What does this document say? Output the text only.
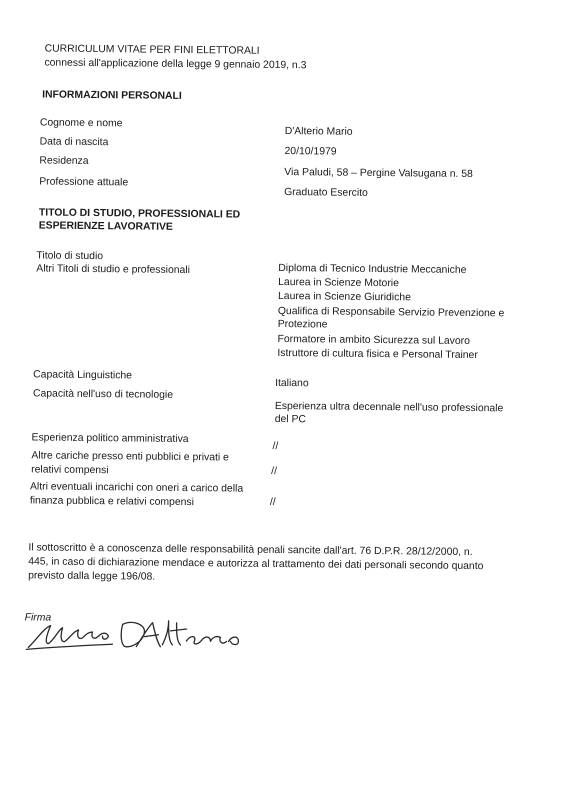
CURRICULUM VITAE PER FINI ELETTORALI
connessi all'applicazione della legge 9 gennaio 2019, n.3
INFORMAZIONI PERSONALI
Cognome e nome
Data di nascita
Residenza
Professione attuale
D'Alterio Mario
20/10/1979
Via Paludi, 58 – Pergine Valsugana n. 58
Graduato Esercito
TITOLO DI STUDIO, PROFESSIONALI ED
ESPERIENZE LAVORATIVE
Titolo di studio
Altri Titoli di studio e professionali	Diploma di Tecnico Industrie Meccaniche
Laurea in Scienze Motorie
Laurea in Scienze Giuridiche
Qualifica di Responsabile Servizio Prevenzione e
Protezione
Formatore in ambito Sicurezza sul Lavoro
Istruttore di cultura fisica e Personal Trainer
Capacità Linguistiche
Capacità nell'uso di tecnologie
Italiano
Esperienza ultra decennale nell'uso professionale
del PC
Esperienza politico amministrativa
Altre cariche presso enti pubblici e privati e
relativi compensi
Altri eventuali incarichi con oneri a carico della
finanza pubblica e relativi compensi
//
//
//
Il sottoscritto è a conoscenza delle responsabilità penali sancite dall'art. 76 D.P.R. 28/12/2000, n.
445, in caso di dichiarazione mendace e autorizza al trattamento dei dati personali secondo quanto
previsto dalla legge 196/08.
Firma
